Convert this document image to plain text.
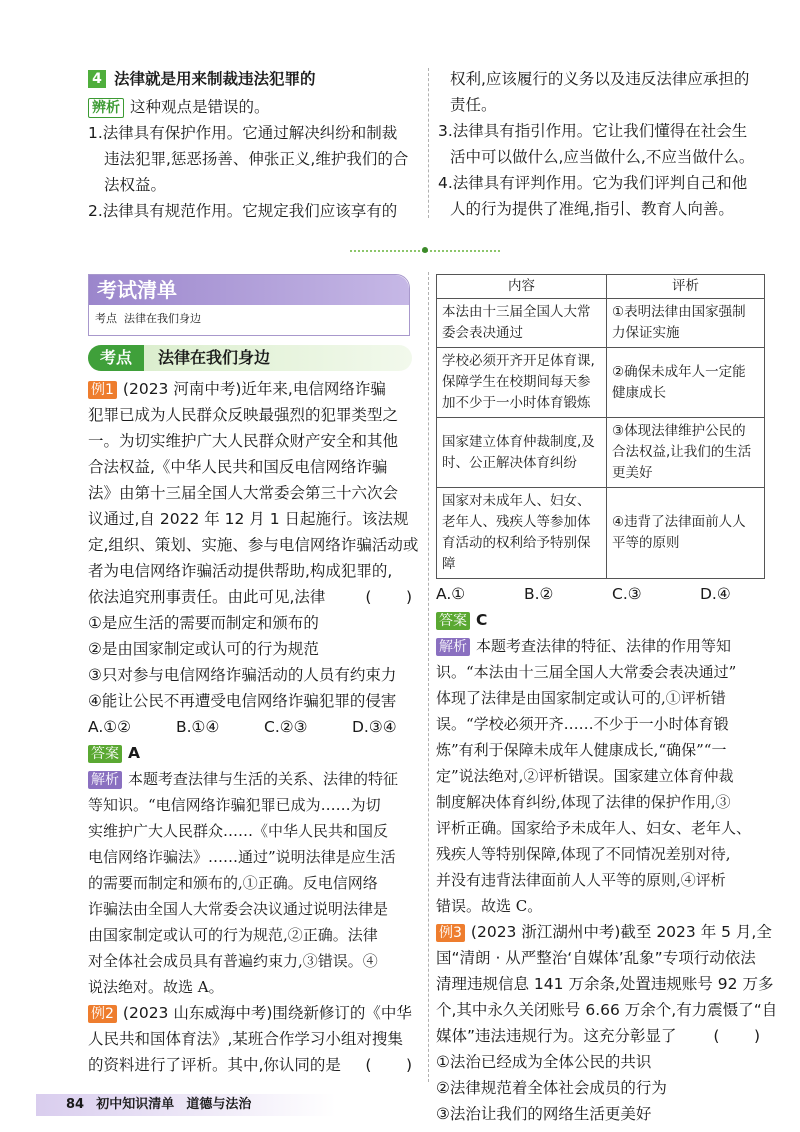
4 法律就是用来制裁违法犯罪的
辨析 这种观点是错误的。
1.法律具有保护作用。它通过解决纠纷和制裁
违法犯罪,惩恶扬善、伸张正义,维护我们的合
法权益。
2.法律具有规范作用。它规定我们应该享有的
权利,应该履行的义务以及违反法律应承担的
责任。
3.法律具有指引作用。它让我们懂得在社会生
活中可以做什么,应当做什么,不应当做什么。
4.法律具有评判作用。它为我们评判自己和他
人的行为提供了准绳,指引、教育人向善。
考试清单
考点  法律在我们身边
考点	法律在我们身边
例1 (2023 河南中考)近年来,电信网络诈骗
犯罪已成为人民群众反映最强烈的犯罪类型之
一。为切实维护广大人民群众财产安全和其他
合法权益,《中华人民共和国反电信网络诈骗
法》由第十三届全国人大常委会第三十六次会
议通过,自 2022 年 12 月 1 日起施行。该法规
定,组织、策划、实施、参与电信网络诈骗活动或
者为电信网络诈骗活动提供帮助,构成犯罪的,
依法追究刑事责任。由此可见,法律	(       )
①是应生活的需要而制定和颁布的
②是由国家制定或认可的行为规范
③只对参与电信网络诈骗活动的人员有约束力
④能让公民不再遭受电信网络诈骗犯罪的侵害
A.①②	B.①④	C.②③	D.③④
答案 A
解析 本题考查法律与生活的关系、法律的特征
等知识。“电信网络诈骗犯罪已成为……为切
实维护广大人民群众……《中华人民共和国反
电信网络诈骗法》……通过”说明法律是应生活
的需要而制定和颁布的,①正确。反电信网络
诈骗法由全国人大常委会决议通过说明法律是
由国家制定或认可的行为规范,②正确。法律
对全体社会成员具有普遍约束力,③错误。④
说法绝对。故选 A。
例2 (2023 山东威海中考)围绕新修订的《中华
人民共和国体育法》,某班合作学习小组对搜集
的资料进行了评析。其中,你认同的是 (       )
内容	评析
本法由十三届全国人大常委会表决通过	①表明法律由国家强制力保证实施
学校必须开齐开足体育课,保障学生在校期间每天参加不少于一小时体育锻炼	②确保未成年人一定能健康成长
国家建立体育仲裁制度,及时、公正解决体育纠纷	③体现法律维护公民的合法权益,让我们的生活更美好
国家对未成年人、妇女、老年人、残疾人等参加体育活动的权利给予特别保障	④违背了法律面前人人平等的原则
A.①	B.②	C.③	D.④
答案 C
解析 本题考查法律的特征、法律的作用等知
识。“本法由十三届全国人大常委会表决通过”
体现了法律是由国家制定或认可的,①评析错
误。“学校必须开齐……不少于一小时体育锻
炼”有利于保障未成年人健康成长,“确保”“一
定”说法绝对,②评析错误。国家建立体育仲裁
制度解决体育纠纷,体现了法律的保护作用,③
评析正确。国家给予未成年人、妇女、老年人、
残疾人等特别保障,体现了不同情况差别对待,
并没有违背法律面前人人平等的原则,④评析
错误。故选 C。
例3 (2023 浙江湖州中考)截至 2023 年 5 月,全
国“清朗 · 从严整治‘自媒体’乱象”专项行动依法
清理违规信息 141 万余条,处置违规账号 92 万多
个,其中永久关闭账号 6.66 万余个,有力震慑了“自
媒体”违法违规行为。这充分彰显了 (       )
①法治已经成为全体公民的共识
②法律规范着全体社会成员的行为
③法治让我们的网络生活更美好
84 初中知识清单 道德与法治
